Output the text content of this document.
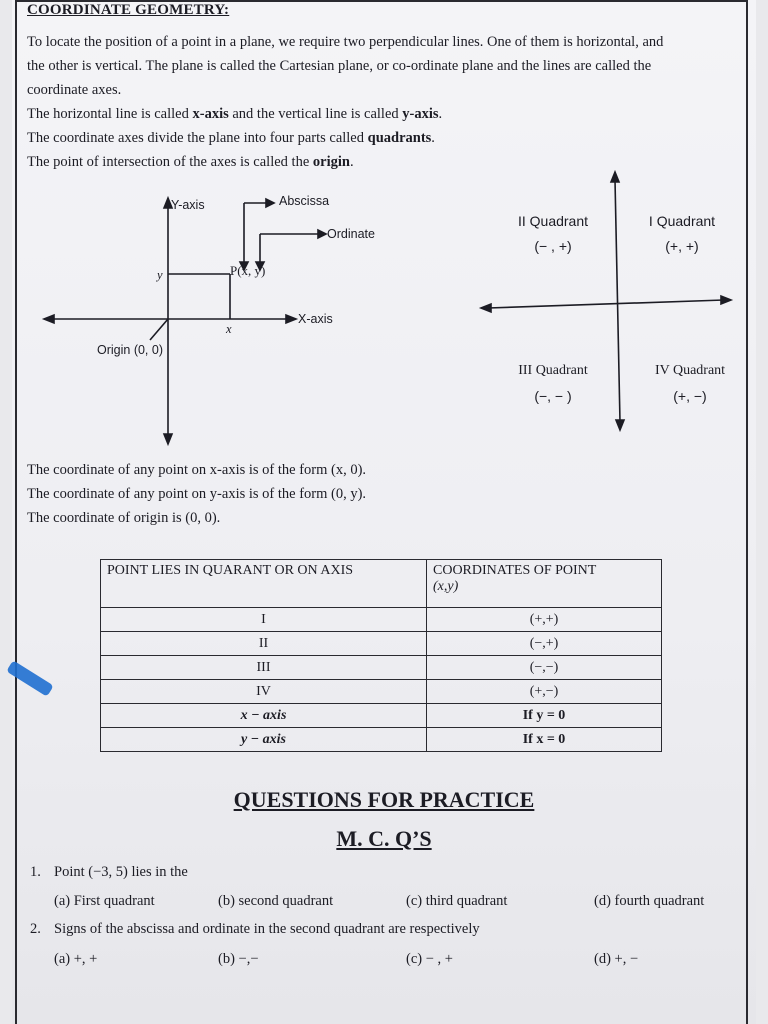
COORDINATE GEOMETRY:
To locate the position of a point in a plane, we require two perpendicular lines. One of them is horizontal, and
the other is vertical. The plane is called the Cartesian plane, or co-ordinate plane and the lines are called the
coordinate axes.
The horizontal line is called x-axis and the vertical line is called y-axis.
The coordinate axes divide the plane into four parts called quadrants.
The point of intersection of the axes is called the origin.
Y-axis	Abscissa
Ordinate
P(x, y)
y
x
X-axis
Origin (0, 0)
II Quadrant
(− , +)
I Quadrant
(+, +)
III Quadrant
(−, − )
IV Quadrant
(+, −)
The coordinate of any point on x-axis is of the form (x, 0).
The coordinate of any point on y-axis is of the form (0, y).
The coordinate of origin is (0, 0).
POINT LIES IN QUARANT OR ON AXIS	COORDINATES OF POINT
(x,y)

I	(+,+)
II	(−,+)
III	(−,−)
IV	(+,−)
x − axis	If y = 0
y − axis	If x = 0
QUESTIONS FOR PRACTICE
M. C. Q’S
1. Point (−3, 5) lies in the
(a) First quadrant	(b) second quadrant	(c) third quadrant	(d) fourth quadrant
2. Signs of the abscissa and ordinate in the second quadrant are respectively
(a) +, +	(b) −,−	(c) − , +	(d) +, −
